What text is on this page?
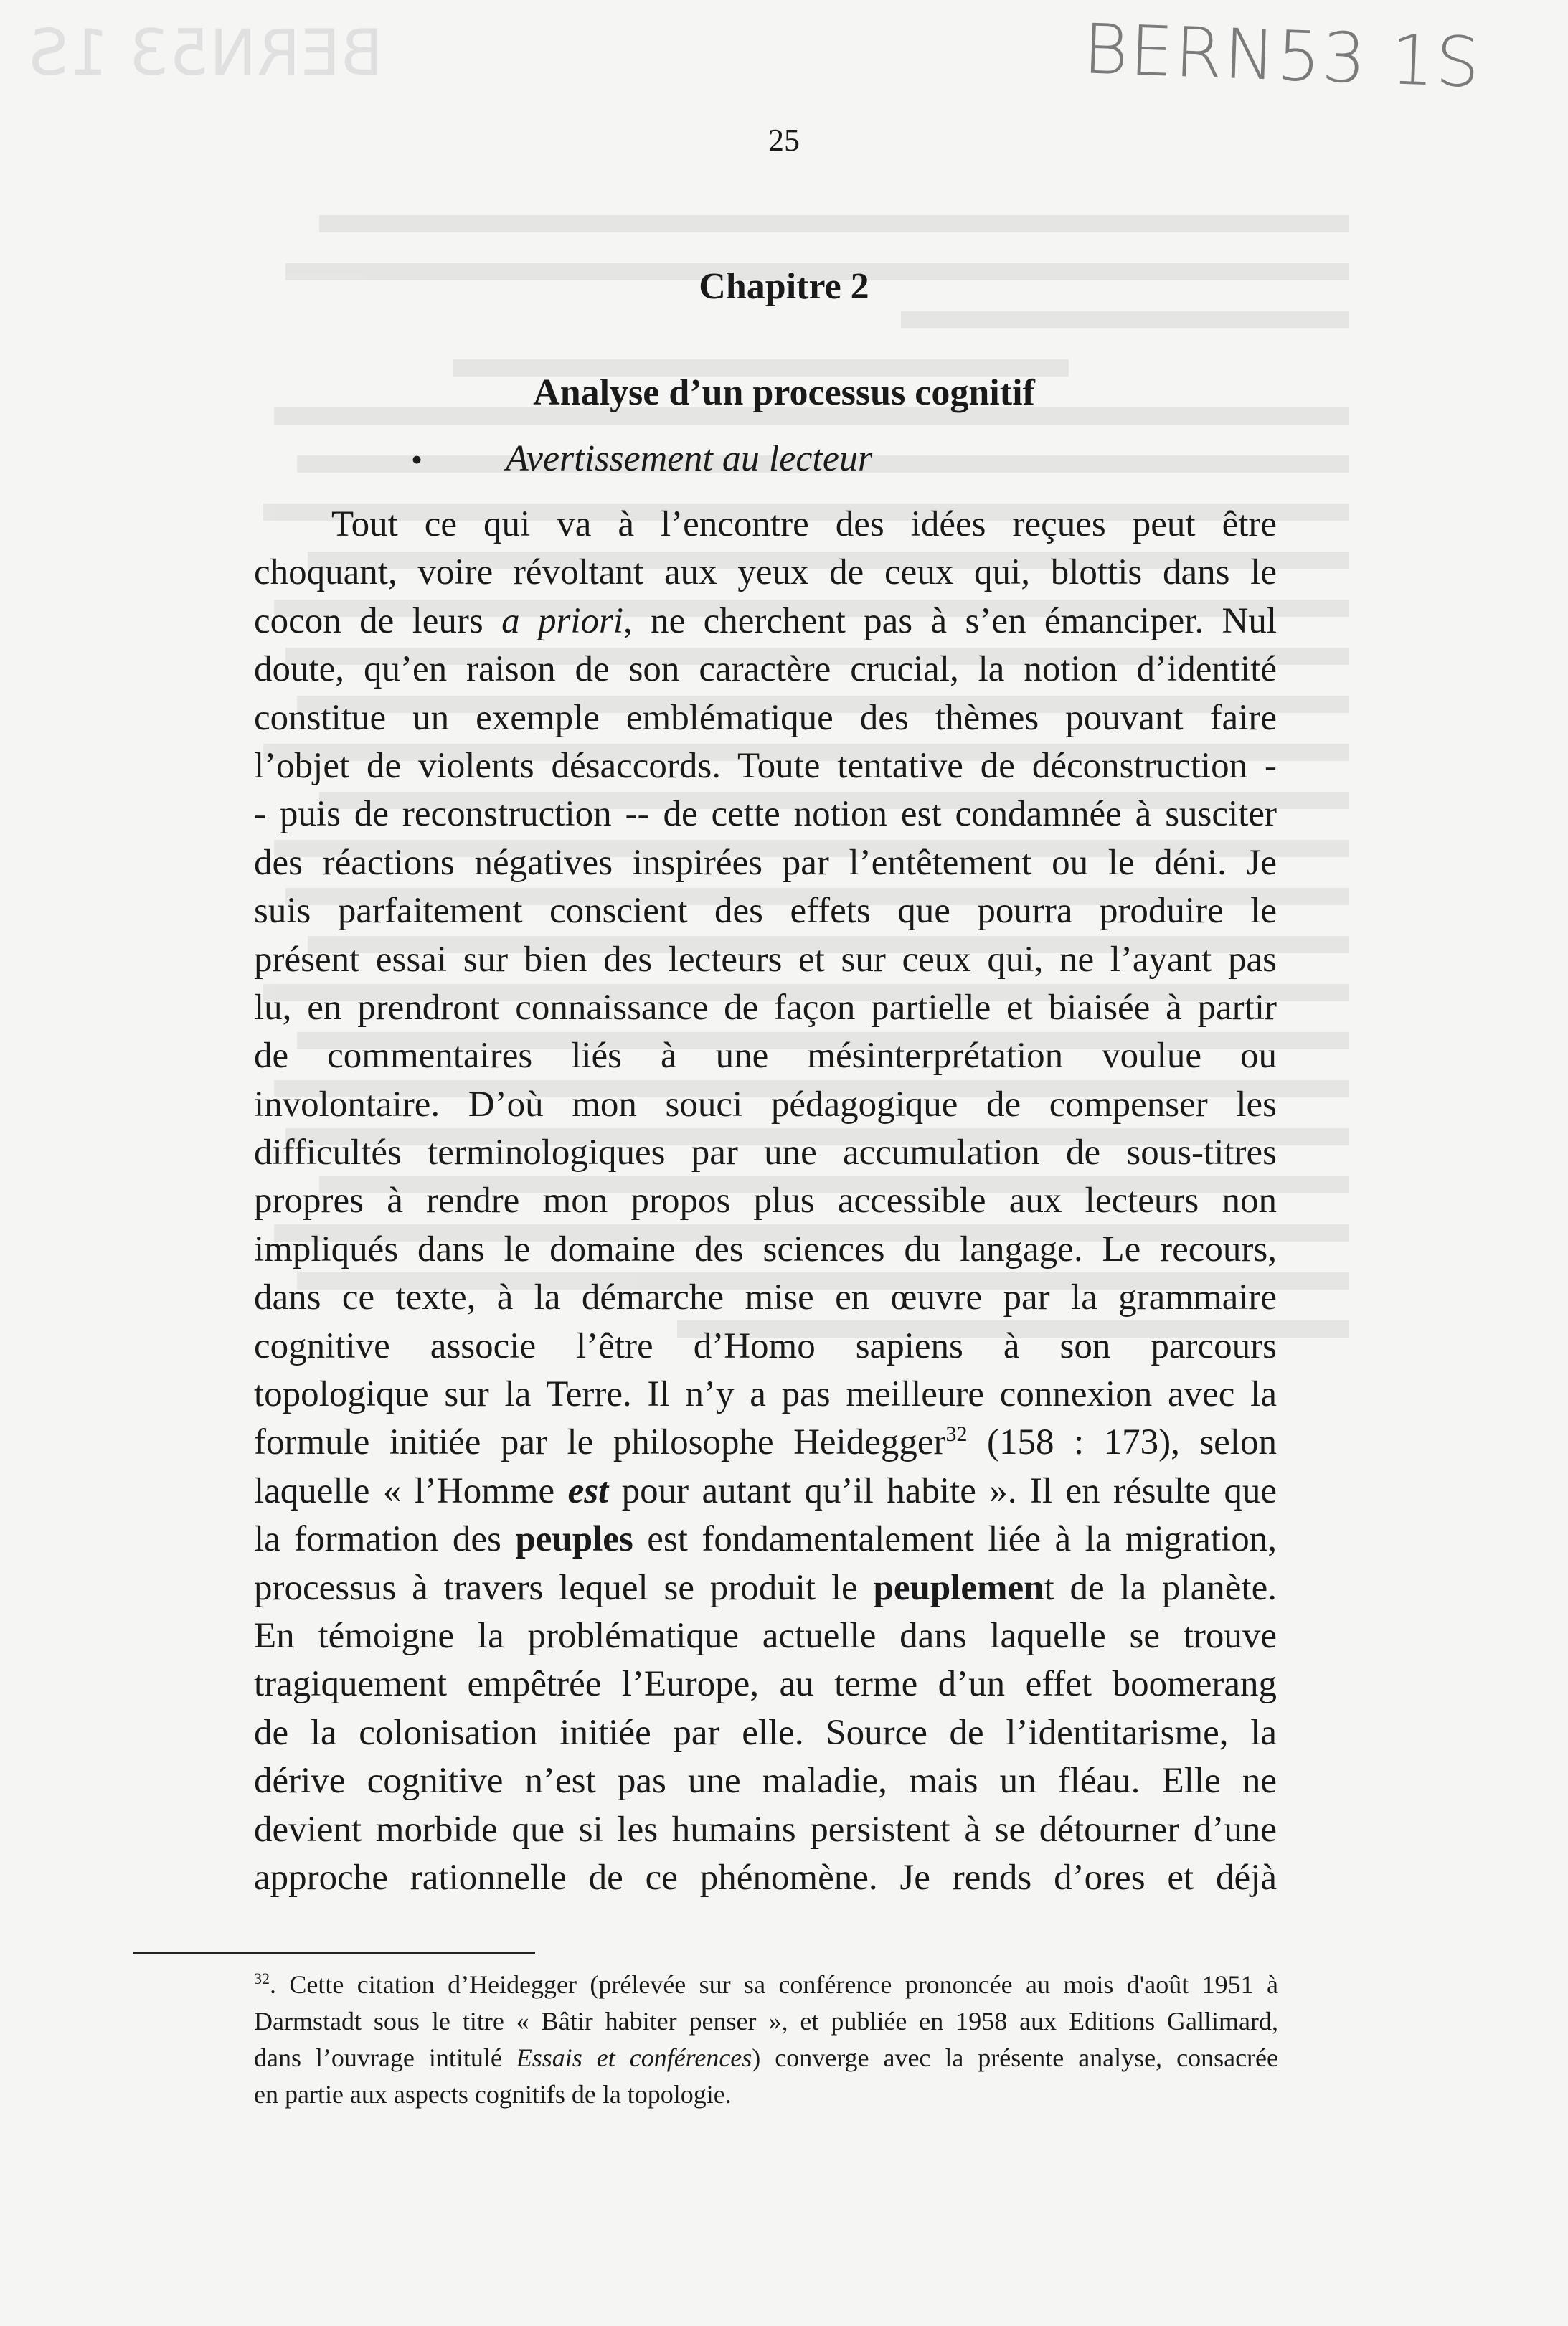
BERN53 1S	BERN53 1S
25
Chapitre 2
Analyse d’un processus cognitif
• Avertissement au lecteur
Tout ce qui va à l’encontre des idées reçues peut être
choquant, voire révoltant aux yeux de ceux qui, blottis dans le
cocon de leurs a priori, ne cherchent pas à s’en émanciper. Nul
doute, qu’en raison de son caractère crucial, la notion d’identité
constitue un exemple emblématique des thèmes pouvant faire
l’objet de violents désaccords. Toute tentative de déconstruction -
- puis de reconstruction -- de cette notion est condamnée à susciter
des réactions négatives inspirées par l’entêtement ou le déni. Je
suis parfaitement conscient des effets que pourra produire le
présent essai sur bien des lecteurs et sur ceux qui, ne l’ayant pas
lu, en prendront connaissance de façon partielle et biaisée à partir
de commentaires liés à une mésinterprétation voulue ou
involontaire. D’où mon souci pédagogique de compenser les
difficultés terminologiques par une accumulation de sous-titres
propres à rendre mon propos plus accessible aux lecteurs non
impliqués dans le domaine des sciences du langage. Le recours,
dans ce texte, à la démarche mise en œuvre par la grammaire
cognitive associe l’être d’Homo sapiens à son parcours
topologique sur la Terre. Il n’y a pas meilleure connexion avec la
formule initiée par le philosophe Heidegger$^{32}$ (158 : 173), selon
laquelle « l’Homme est pour autant qu’il habite ». Il en résulte que
la formation des peuples est fondamentalement liée à la migration,
processus à travers lequel se produit le peuplement de la planète.
En témoigne la problématique actuelle dans laquelle se trouve
tragiquement empêtrée l’Europe, au terme d’un effet boomerang
de la colonisation initiée par elle. Source de l’identitarisme, la
dérive cognitive n’est pas une maladie, mais un fléau. Elle ne
devient morbide que si les humains persistent à se détourner d’une
approche rationnelle de ce phénomène. Je rends d’ores et déjà
$^{32}$. Cette citation d’Heidegger (prélevée sur sa conférence prononcée au mois d'août 1951 à
Darmstadt sous le titre « Bâtir habiter penser », et publiée en 1958 aux Editions Gallimard,
dans l’ouvrage intitulé Essais et conférences) converge avec la présente analyse, consacrée
en partie aux aspects cognitifs de la topologie.
